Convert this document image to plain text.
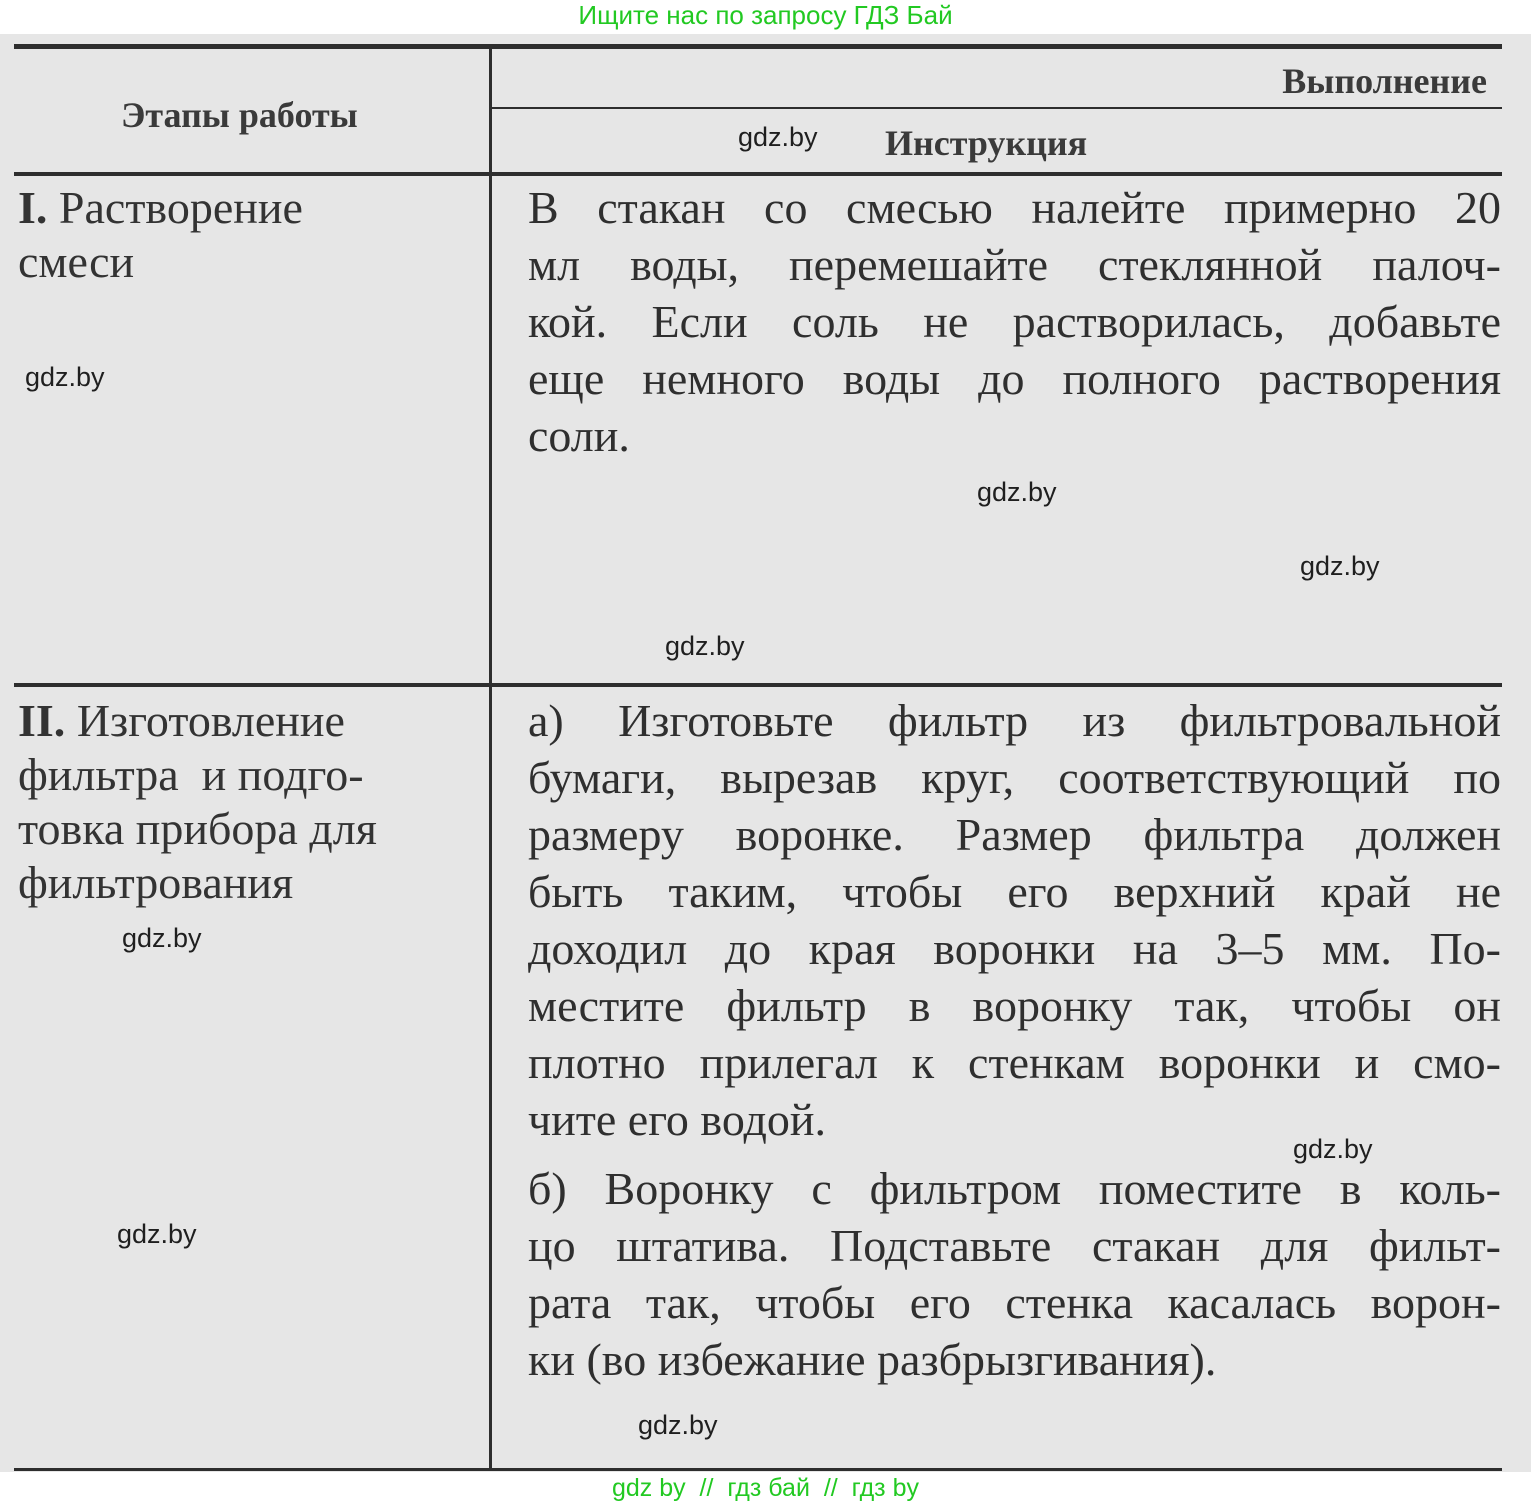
Ищите нас по запросу ГДЗ Бай
Этапы работы
Выполнение
Инструкция
I. Растворение
смеси
В стакан со смесью налейте примерно 20
мл воды, перемешайте стеклянной палоч-
кой. Если соль не растворилась, добавьте
еще немного воды до полного растворения
соли.
II. Изготовление
фильтра  и подго-
товка прибора для
фильтрования
а) Изготовьте фильтр из фильтровальной
бумаги, вырезав круг, соответствующий по
размеру воронке. Размер фильтра должен
быть таким, чтобы его верхний край не
доходил до края воронки на 3–5 мм. По-
местите фильтр в воронку так, чтобы он
плотно прилегал к стенкам воронки и смо-
чите его водой.
б) Воронку с фильтром поместите в коль-
цо штатива. Подставьте стакан для фильт-
рата так, чтобы его стенка касалась ворон-
ки (во избежание разбрызгивания).
gdz.by
gdz.by
gdz.by
gdz.by
gdz.by
gdz.by
gdz.by
gdz.by
gdz.by
gdz by  //  гдз бай  //  гдз by
